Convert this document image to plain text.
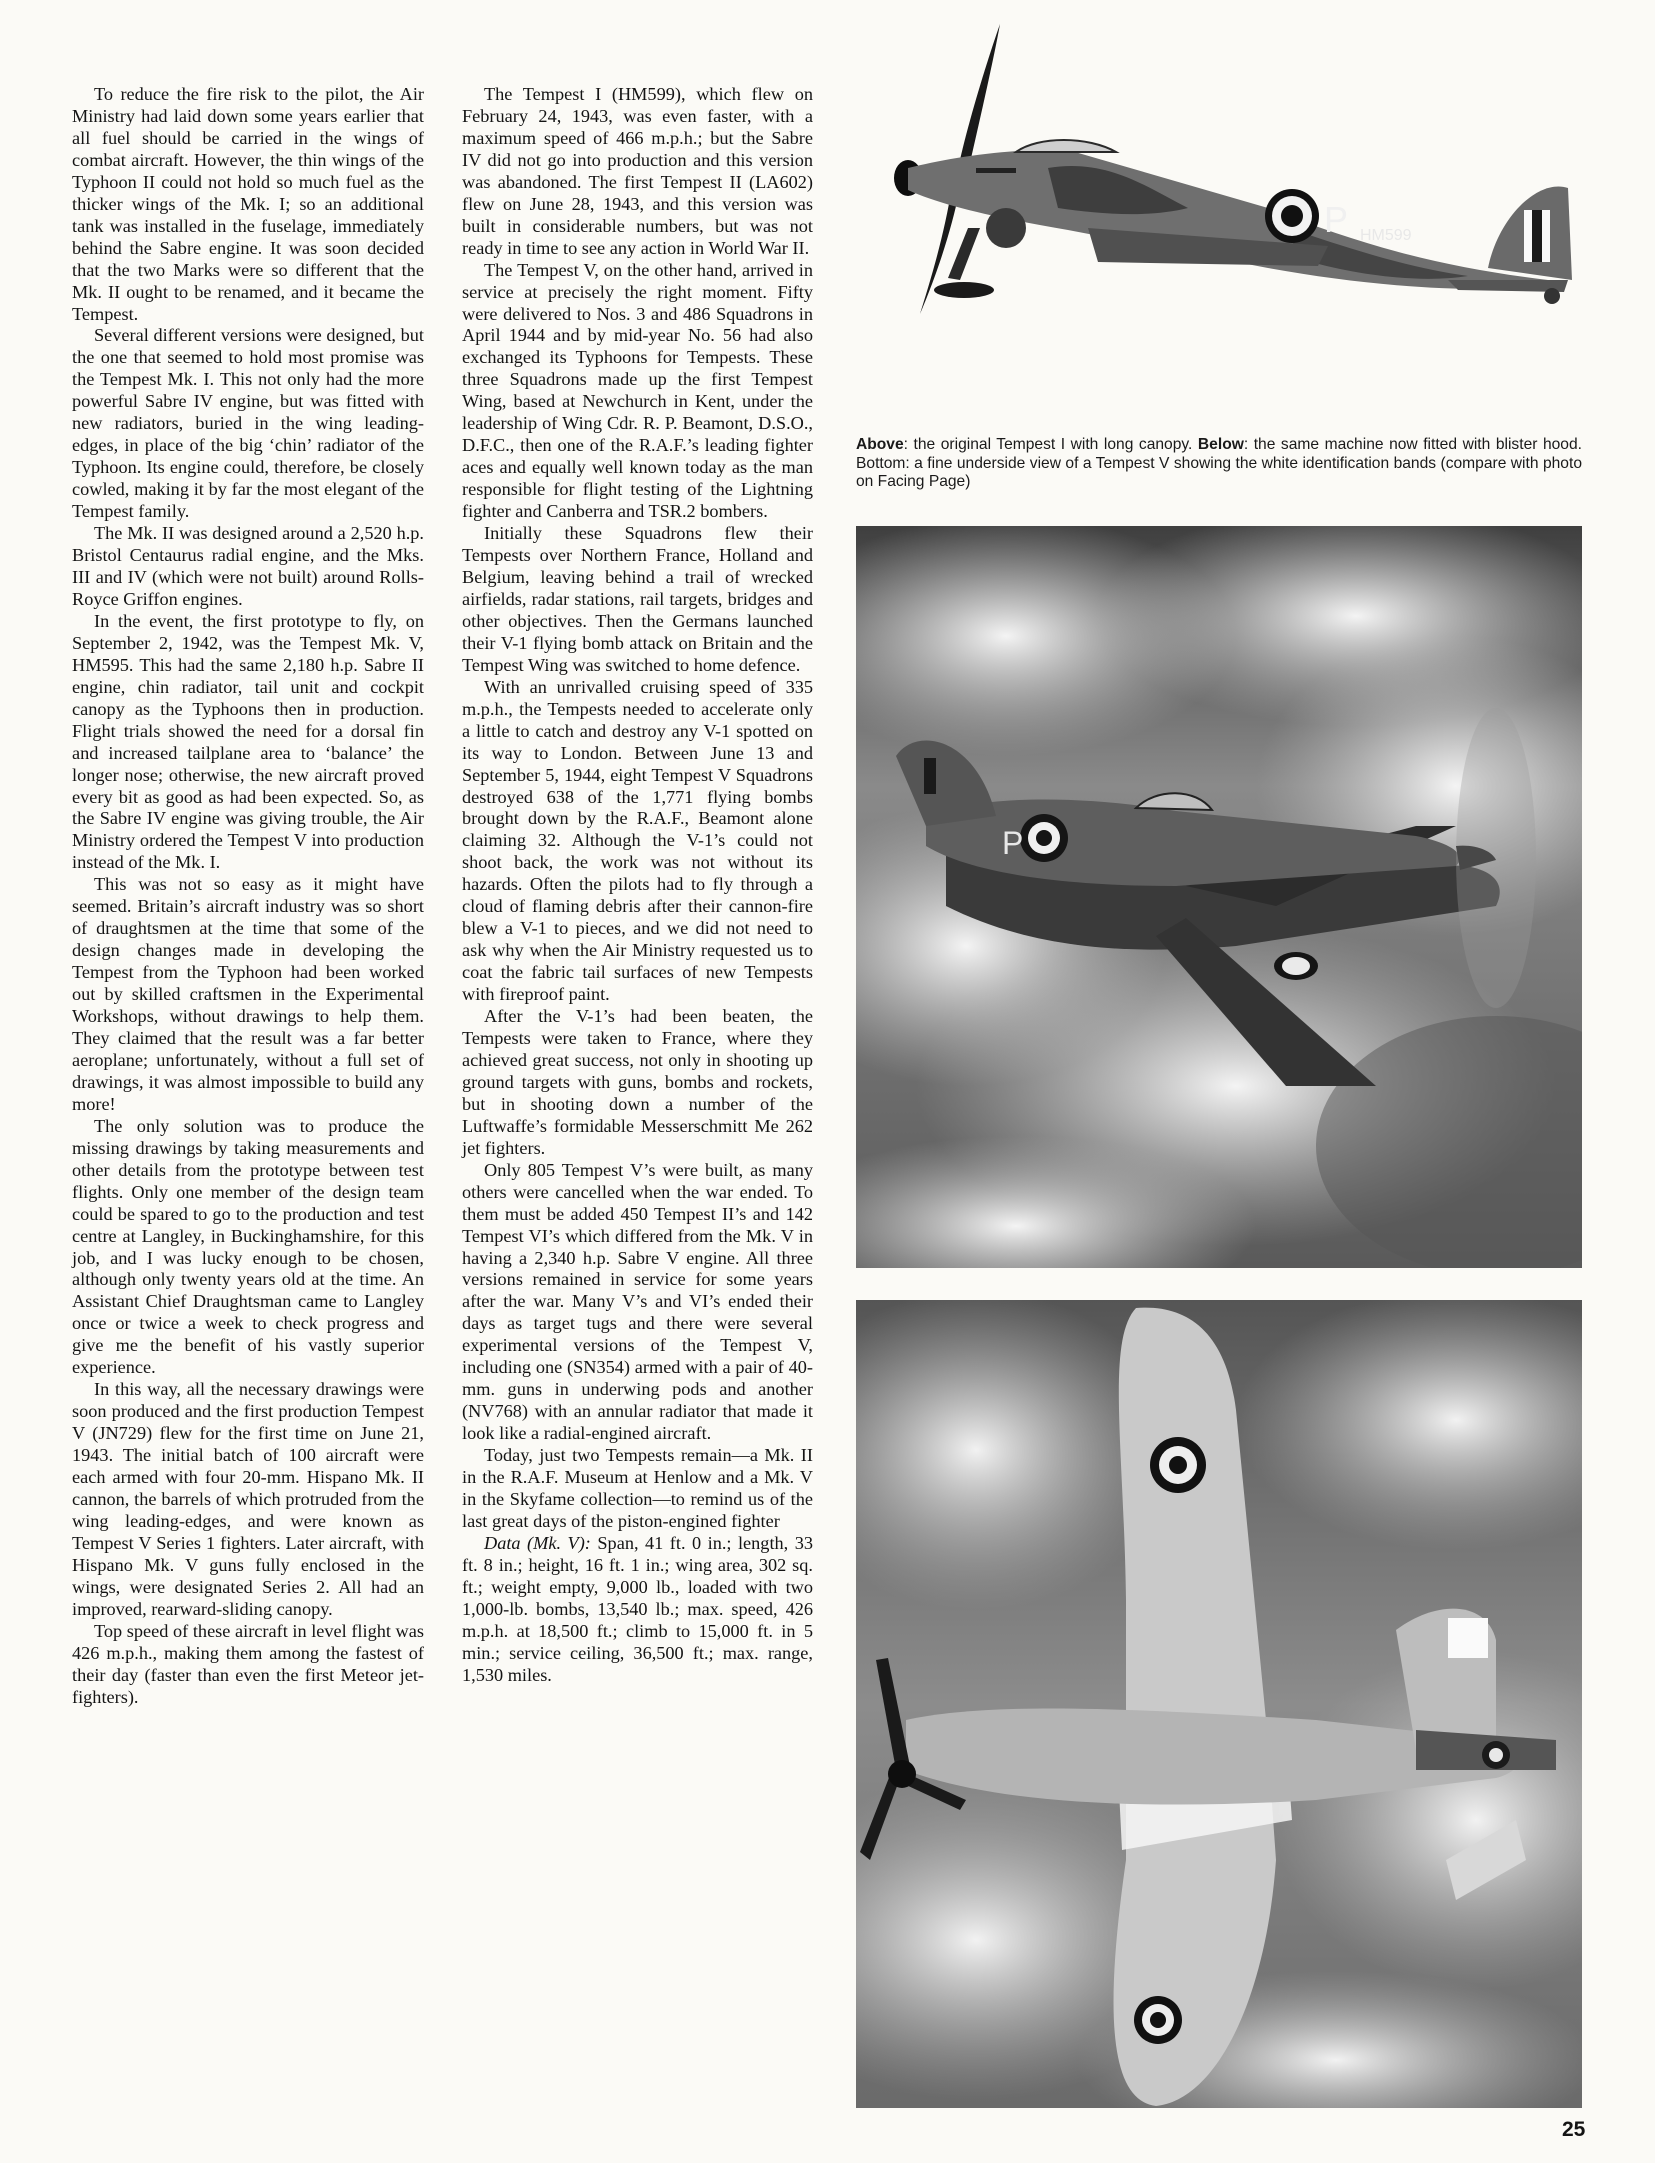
To reduce the fire risk to the pilot, the Air Ministry had laid down some years earlier that all fuel should be carried in the wings of combat aircraft. However, the thin wings of the Typhoon II could not hold so much fuel as the thicker wings of the Mk. I; so an additional tank was installed in the fuselage, immediately behind the Sabre engine. It was soon decided that the two Marks were so different that the Mk. II ought to be renamed, and it became the Tempest.

Several different versions were designed, but the one that seemed to hold most promise was the Tempest Mk. I. This not only had the more powerful Sabre IV engine, but was fitted with new radiators, buried in the wing leading-edges, in place of the big ‘chin’ radiator of the Typhoon. Its engine could, therefore, be closely cowled, making it by far the most elegant of the Tempest family.

The Mk. II was designed around a 2,520 h.p. Bristol Centaurus radial engine, and the Mks. III and IV (which were not built) around Rolls-Royce Griffon engines.

In the event, the first prototype to fly, on September 2, 1942, was the Tempest Mk. V, HM595. This had the same 2,180 h.p. Sabre II engine, chin radiator, tail unit and cockpit canopy as the Typhoons then in production. Flight trials showed the need for a dorsal fin and increased tailplane area to ‘balance’ the longer nose; otherwise, the new aircraft proved every bit as good as had been expected. So, as the Sabre IV engine was giving trouble, the Air Ministry ordered the Tempest V into production instead of the Mk. I.

This was not so easy as it might have seemed. Britain’s aircraft industry was so short of draughtsmen at the time that some of the design changes made in developing the Tempest from the Typhoon had been worked out by skilled craftsmen in the Experimental Workshops, without drawings to help them. They claimed that the result was a far better aeroplane; unfortunately, without a full set of drawings, it was almost impossible to build any more!

The only solution was to produce the missing drawings by taking measurements and other details from the prototype between test flights. Only one member of the design team could be spared to go to the production and test centre at Langley, in Buckinghamshire, for this job, and I was lucky enough to be chosen, although only twenty years old at the time. An Assistant Chief Draughtsman came to Langley once or twice a week to check progress and give me the benefit of his vastly superior experience.

In this way, all the necessary drawings were soon produced and the first production Tempest V (JN729) flew for the first time on June 21, 1943. The initial batch of 100 aircraft were each armed with four 20-mm. Hispano Mk. II cannon, the barrels of which protruded from the wing leading-edges, and were known as Tempest V Series 1 fighters. Later aircraft, with Hispano Mk. V guns fully enclosed in the wings, were designated Series 2. All had an improved, rearward-sliding canopy.

Top speed of these aircraft in level flight was 426 m.p.h., making them among the fastest of their day (faster than even the first Meteor jet-fighters).

The Tempest I (HM599), which flew on February 24, 1943, was even faster, with a maximum speed of 466 m.p.h.; but the Sabre IV did not go into production and this version was abandoned. The first Tempest II (LA602) flew on June 28, 1943, and this version was built in considerable numbers, but was not ready in time to see any action in World War II.

The Tempest V, on the other hand, arrived in service at precisely the right moment. Fifty were delivered to Nos. 3 and 486 Squadrons in April 1944 and by mid-year No. 56 had also exchanged its Typhoons for Tempests. These three Squadrons made up the first Tempest Wing, based at Newchurch in Kent, under the leadership of Wing Cdr. R. P. Beamont, D.S.O., D.F.C., then one of the R.A.F.’s leading fighter aces and equally well known today as the man responsible for flight testing of the Lightning fighter and Canberra and TSR.2 bombers.

Initially these Squadrons flew their Tempests over Northern France, Holland and Belgium, leaving behind a trail of wrecked airfields, radar stations, rail targets, bridges and other objectives. Then the Germans launched their V-1 flying bomb attack on Britain and the Tempest Wing was switched to home defence.

With an unrivalled cruising speed of 335 m.p.h., the Tempests needed to accelerate only a little to catch and destroy any V-1 spotted on its way to London. Between June 13 and September 5, 1944, eight Tempest V Squadrons destroyed 638 of the 1,771 flying bombs brought down by the R.A.F., Beamont alone claiming 32. Although the V-1’s could not shoot back, the work was not without its hazards. Often the pilots had to fly through a cloud of flaming debris after their cannon-fire blew a V-1 to pieces, and we did not need to ask why when the Air Ministry requested us to coat the fabric tail surfaces of new Tempests with fireproof paint.

After the V-1’s had been beaten, the Tempests were taken to France, where they achieved great success, not only in shooting up ground targets with guns, bombs and rockets, but in shooting down a number of the Luftwaffe’s formidable Messerschmitt Me 262 jet fighters.

Only 805 Tempest V’s were built, as many others were cancelled when the war ended. To them must be added 450 Tempest II’s and 142 Tempest VI’s which differed from the Mk. V in having a 2,340 h.p. Sabre V engine. All three versions remained in service for some years after the war. Many V’s and VI’s ended their days as target tugs and there were several experimental versions of the Tempest V, including one (SN354) armed with a pair of 40-mm. guns in underwing pods and another (NV768) with an annular radiator that made it look like a radial-engined aircraft.

Today, just two Tempests remain—a Mk. II in the R.A.F. Museum at Henlow and a Mk. V in the Skyfame collection—to remind us of the last great days of the piston-engined fighter

Data (Mk. V): Span, 41 ft. 0 in.; length, 33 ft. 8 in.; height, 16 ft. 1 in.; wing area, 302 sq. ft.; weight empty, 9,000 lb., loaded with two 1,000-lb. bombs, 13,540 lb.; max. speed, 426 m.p.h. at 18,500 ft.; climb to 15,000 ft. in 5 min.; service ceiling, 36,500 ft.; max. range, 1,530 miles.

P HM599
Above: the original Tempest I with long canopy. Below: the same machine now fitted with blister hood. Bottom: a fine underside view of a Tempest V showing the white identification bands (compare with photo on Facing Page)
P
25
